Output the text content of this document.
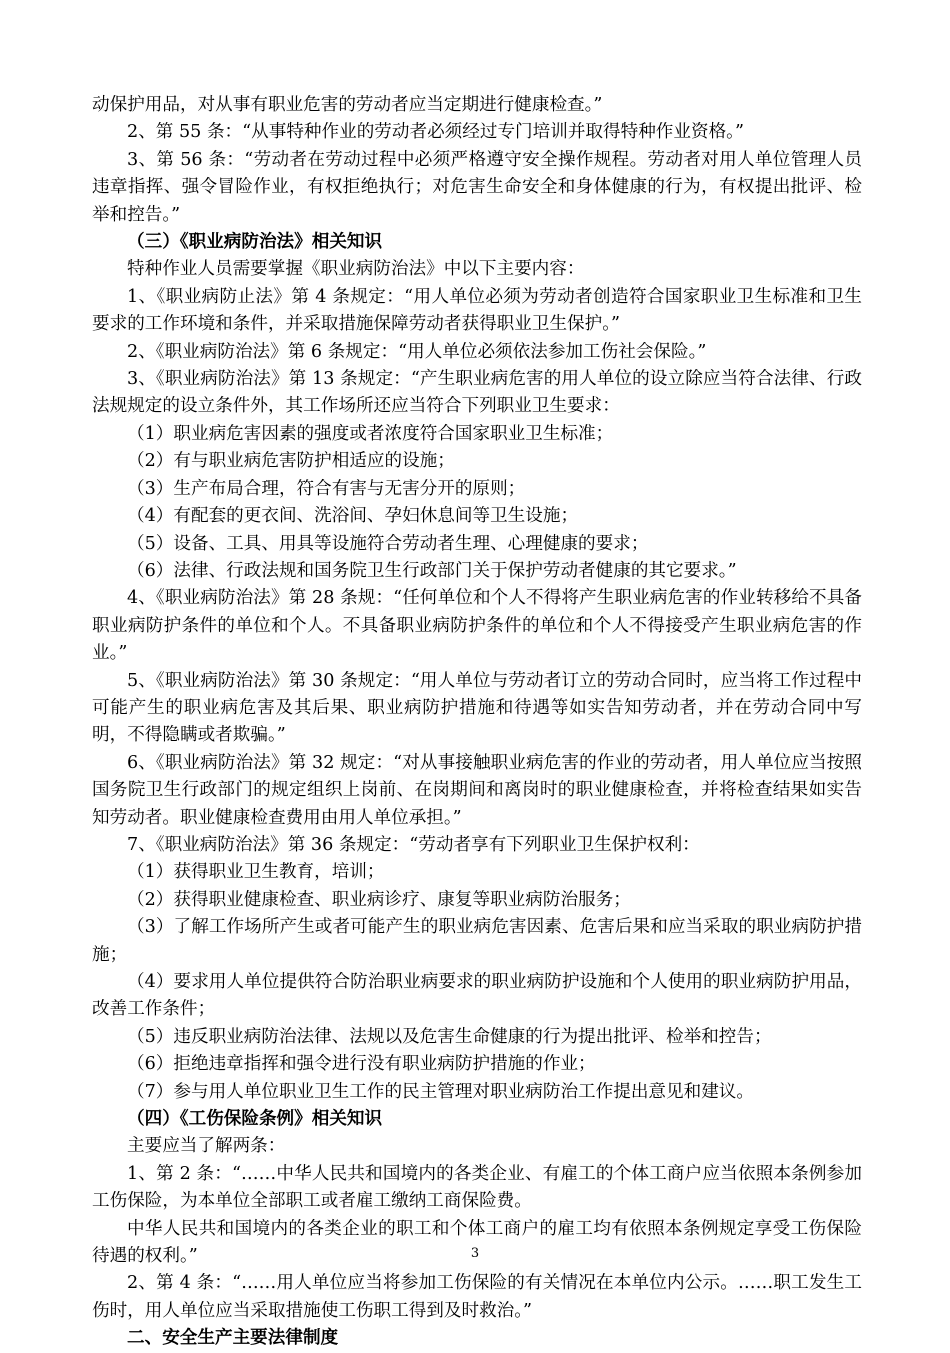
动保护用品，对从事有职业危害的劳动者应当定期进行健康检查。”

2、第 55 条：“从事特种作业的劳动者必须经过专门培训并取得特种作业资格。”

3、第 56 条：“劳动者在劳动过程中必须严格遵守安全操作规程。劳动者对用人单位管理人员违章指挥、强令冒险作业，有权拒绝执行；对危害生命安全和身体健康的行为，有权提出批评、检举和控告。”

（三）《职业病防治法》相关知识

特种作业人员需要掌握《职业病防治法》中以下主要内容：

1、《职业病防止法》第 4 条规定：“用人单位必须为劳动者创造符合国家职业卫生标准和卫生要求的工作环境和条件，并采取措施保障劳动者获得职业卫生保护。”

2、《职业病防治法》第 6 条规定：“用人单位必须依法参加工伤社会保险。”

3、《职业病防治法》第 13 条规定：“产生职业病危害的用人单位的设立除应当符合法律、行政法规规定的设立条件外，其工作场所还应当符合下列职业卫生要求：

（1）职业病危害因素的强度或者浓度符合国家职业卫生标准；

（2）有与职业病危害防护相适应的设施；

（3）生产布局合理，符合有害与无害分开的原则；

（4）有配套的更衣间、洗浴间、孕妇休息间等卫生设施；

（5）设备、工具、用具等设施符合劳动者生理、心理健康的要求；

（6）法律、行政法规和国务院卫生行政部门关于保护劳动者健康的其它要求。”

4、《职业病防治法》第 28 条规：“任何单位和个人不得将产生职业病危害的作业转移给不具备职业病防护条件的单位和个人。不具备职业病防护条件的单位和个人不得接受产生职业病危害的作业。”

5、《职业病防治法》第 30 条规定：“用人单位与劳动者订立的劳动合同时，应当将工作过程中可能产生的职业病危害及其后果、职业病防护措施和待遇等如实告知劳动者，并在劳动合同中写明，不得隐瞒或者欺骗。”

6、《职业病防治法》第 32 规定：“对从事接触职业病危害的作业的劳动者，用人单位应当按照国务院卫生行政部门的规定组织上岗前、在岗期间和离岗时的职业健康检查，并将检查结果如实告知劳动者。职业健康检查费用由用人单位承担。”

7、《职业病防治法》第 36 条规定：“劳动者享有下列职业卫生保护权利：

（1）获得职业卫生教育，培训；

（2）获得职业健康检查、职业病诊疗、康复等职业病防治服务；

（3）了解工作场所产生或者可能产生的职业病危害因素、危害后果和应当采取的职业病防护措施；

（4）要求用人单位提供符合防治职业病要求的职业病防护设施和个人使用的职业病防护用品，改善工作条件；

（5）违反职业病防治法律、法规以及危害生命健康的行为提出批评、检举和控告；

（6）拒绝违章指挥和强令进行没有职业病防护措施的作业；

（7）参与用人单位职业卫生工作的民主管理对职业病防治工作提出意见和建议。

（四）《工伤保险条例》相关知识

主要应当了解两条：

1、第 2 条：“……中华人民共和国境内的各类企业、有雇工的个体工商户应当依照本条例参加工伤保险，为本单位全部职工或者雇工缴纳工商保险费。

中华人民共和国境内的各类企业的职工和个体工商户的雇工均有依照本条例规定享受工伤保险待遇的权利。”

2、第 4 条：“……用人单位应当将参加工伤保险的有关情况在本单位内公示。……职工发生工伤时，用人单位应当采取措施使工伤职工得到及时救治。”

二、安全生产主要法律制度

3
